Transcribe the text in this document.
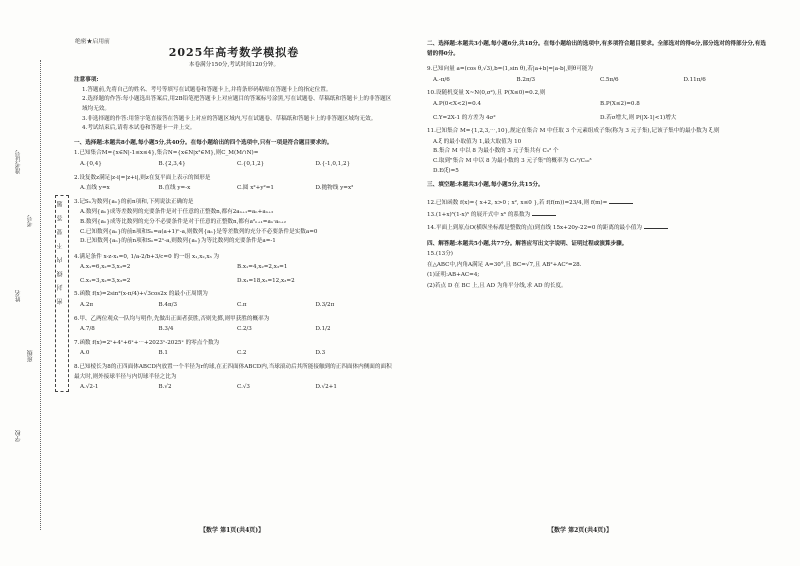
准考证号
考号
姓名
班级
学校
密 封 线 内 不 要 答 题
绝密★启用前
2025年高考数学模拟卷
本卷满分150分,考试时间120分钟。
注意事项:
1.答题前,先将自己的姓名、考号等填写在试题卷和答题卡上,并将条形码粘贴在答题卡上的指定位置。
2.选择题的作答:每小题选出答案后,用2B铅笔把答题卡上对应题目的答案标号涂黑,写在试题卷、草稿纸和答题卡上的非答题区域均无效。
3.非选择题的作答:用签字笔直接答在答题卡上对应的答题区域内,写在试题卷、草稿纸和答题卡上的非答题区域均无效。
4.考试结束后,请将本试卷和答题卡一并上交。
一、选择题:本题共8小题,每小题5分,共40分。在每小题给出的四个选项中,只有一项是符合题目要求的。
1.已知集合M={x∈N|-1≤x≤4},集合N={x∈N|x²∈M},则C_M(M∩N)=
A.{0,4}	B.{2,3,4}	C.{0,1,2}	D.{-1,0,1,2}
2.设复数z满足|z-i|=|z+i|,则z在复平面上表示的图形是
A.直线 y=x	B.直线 y=-x	C.圆 x²+y²=1	D.抛物线 y=x²
3.记Sₙ为数列{aₙ}的前n项和,下列说法正确的是
A.数列{aₙ}成等差数列的充要条件是对于任意的正整数n,都有2aₙ₊₁=aₙ+aₙ₊₂
B.数列{aₙ}成等比数列的充分不必要条件是对于任意的正整数n,都有a²ₙ₊₁=aₙ·aₙ₊₂
C.已知数列{aₙ}的前n项和Sₙ=a(a+1)ⁿ-a,则数列{aₙ}是等差数列的充分不必要条件是实数a=0
D.已知数列{aₙ}的前n项和Sₙ=2ⁿ-a,则数列{aₙ}为等比数列的充要条件是a=-1
4.满足条件 x-z-x₁=0, 1/a-2/b+3/c=0 的一组 x₁,x₂,x₃ 为
A.x₁=6,x₂=3,x₃=2	B.x₁=4,x₂=2,x₃=1
C.x₁=3,x₂=3,x₃=2	D.x₁=18,x₂=12,x₃=2
5.函数 f(x)=2sin²(x-π/4)+√3cos2x 的最小正周期为
A.2π	B.4π/3	C.π	D.3/2π
6.甲、乙两位观众一队均与明作,先做出正面者获胜,否则先掷,则甲获胜的概率为
A.7/8	B.3/4	C.2/3	D.1/2
7.函数 f(x)=2ˣ+4ˣ+6ˣ+⋯+2023ˣ-2025ˣ 的零点个数为
A.0	B.1	C.2	D.3
8.已知棱长为8的正四面体ABCD内放置一个半径为r的球,在正四面体ABCD内,当球滚动后其所能接触到的正四面体内侧面的面积最大时,则外接球半径与内切球半径之比为
A.√2-1	B.√2	C.√3	D.√2+1
【数学 第1页(共4页)】
二、选择题:本题共3小题,每小题6分,共18分。在每小题给出的选项中,有多项符合题目要求。全部选对的得6分,部分选对的得部分分,有选错的得0分。
9.已知向量 a=(cos θ,√3),b=(1,sin θ),若|a+b|=|a-b|,则θ可能为
A.-π/6	B.2π/3	C.5π/6	D.11π/6
10.设随机变量 X~N(0,σ²),且 P(X≤0)=0.2,则
A.P(0<X<2)=0.4	B.P(X≤2)=0.8
C.Y=2X-1 的方差为 4σ²	D.若σ增大,则 P(|X-1|<1)增大
11.已知集合 M={1,2,3,⋯,10},规定在集合 M 中任取 3 个元素组成子集(称为 3 元子集),记该子集中的最小数为 ξ,则
A.ξ 的最小取值为 1,最大取值为 10
B.集合 M 中以 8 为最小数的 3 元子集共有 C₃² 个
C.取到"集合 M 中以 8 为最小数的 3 元子集"的概率为 C₂²/C₁₀³
D.E(ξ)=5
三、填空题:本题共3小题,每小题5分,共15分。
12.已知函数 f(x)={ x+2, x>0 ; x², x≤0 },若 f(f(m))=23/4,则 f(m)=
13.(1+x)⁵(1-x)⁵ 的展开式中 x⁶ 的系数为
14.平面上到原点O(横纵坐标都是整数的点)到直线 15x+20y-22=0 的距离的最小值为
四、解答题:本题共5小题,共77分。解答应写出文字说明、证明过程或演算步骤。
15.(13分)
在△ABC中,内角A满足 A=30°,且 BC=√7,且 AB²+AC²=28.
(1)证明:AB+AC=4;
(2)若点 D 在 BC 上,且 AD 为角平分线,求 AD 的长度。
【数学 第2页(共4页)】
